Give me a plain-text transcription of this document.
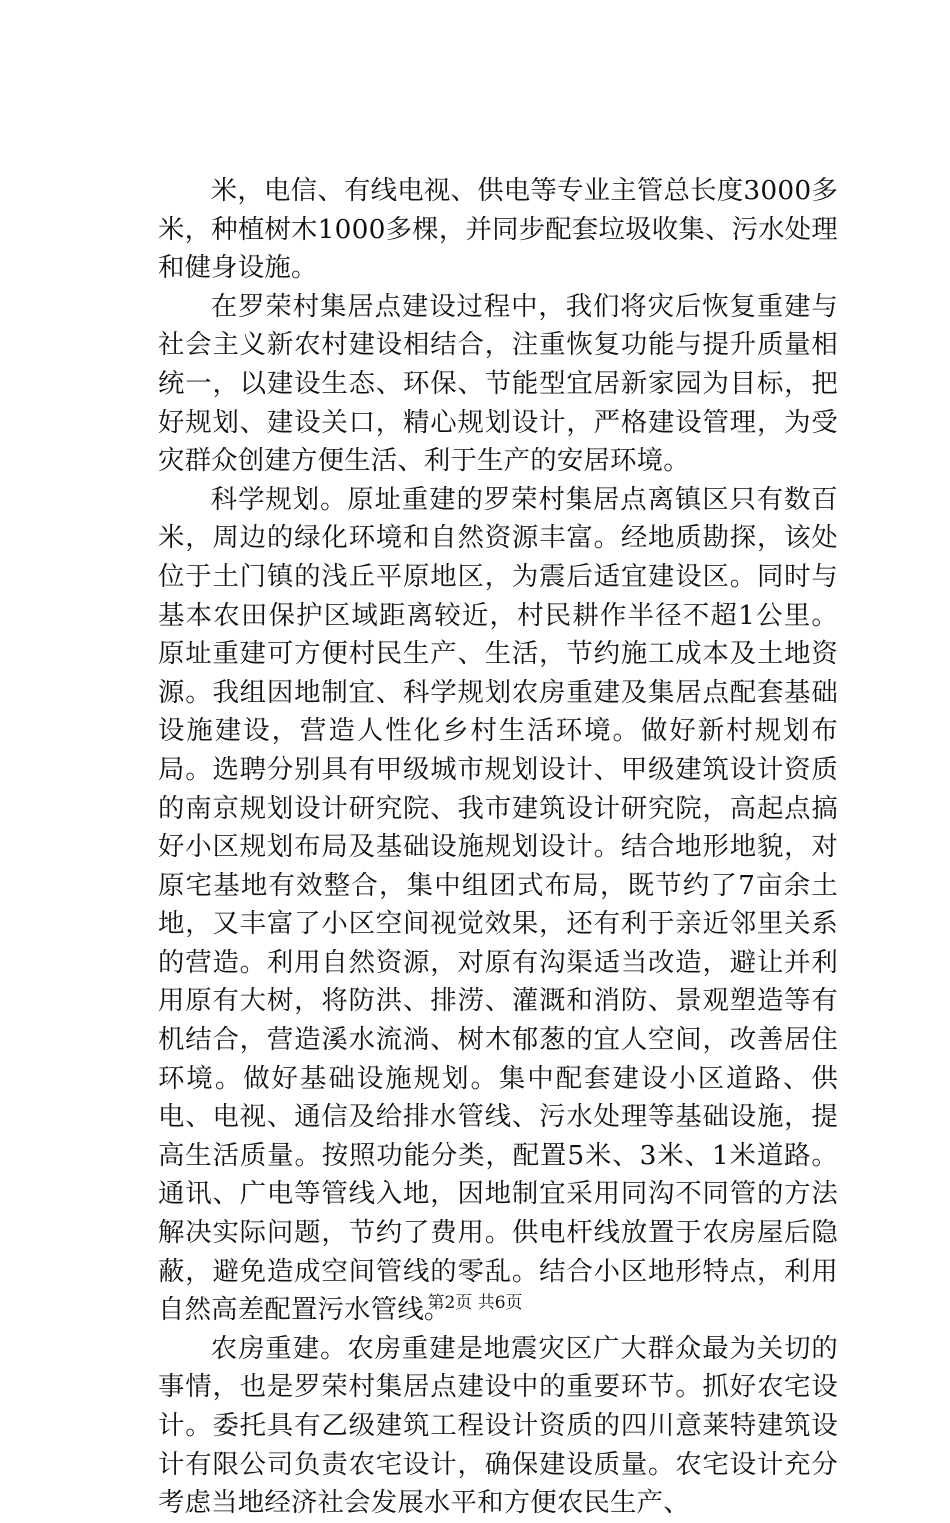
米，电信、有线电视、供电等专业主管总长度3000多米，种植树木1000多棵，并同步配套垃圾收集、污水处理和健身设施。

在罗荣村集居点建设过程中，我们将灾后恢复重建与社会主义新农村建设相结合，注重恢复功能与提升质量相统一，以建设生态、环保、节能型宜居新家园为目标，把好规划、建设关口，精心规划设计，严格建设管理，为受灾群众创建方便生活、利于生产的安居环境。

科学规划。原址重建的罗荣村集居点离镇区只有数百米，周边的绿化环境和自然资源丰富。经地质勘探，该处位于土门镇的浅丘平原地区，为震后适宜建设区。同时与基本农田保护区域距离较近，村民耕作半径不超1公里。原址重建可方便村民生产、生活，节约施工成本及土地资源。我组因地制宜、科学规划农房重建及集居点配套基础设施建设，营造人性化乡村生活环境。做好新村规划布局。选聘分别具有甲级城市规划设计、甲级建筑设计资质的南京规划设计研究院、我市建筑设计研究院，高起点搞好小区规划布局及基础设施规划设计。结合地形地貌，对原宅基地有效整合，集中组团式布局，既节约了7亩余土地，又丰富了小区空间视觉效果，还有利于亲近邻里关系的营造。利用自然资源，对原有沟渠适当改造，避让并利用原有大树，将防洪、排涝、灌溉和消防、景观塑造等有机结合，营造溪水流淌、树木郁葱的宜人空间，改善居住环境。做好基础设施规划。集中配套建设小区道路、供电、电视、通信及给排水管线、污水处理等基础设施，提高生活质量。按照功能分类，配置5米、3米、1米道路。通讯、广电等管线入地，因地制宜采用同沟不同管的方法解决实际问题，节约了费用。供电杆线放置于农房屋后隐蔽，避免造成空间管线的零乱。结合小区地形特点，利用自然高差配置污水管线。

农房重建。农房重建是地震灾区广大群众最为关切的事情，也是罗荣村集居点建设中的重要环节。抓好农宅设计。委托具有乙级建筑工程设计资质的四川意莱特建筑设计有限公司负责农宅设计，确保建设质量。农宅设计充分考虑当地经济社会发展水平和方便农民生产、

第2页 共6页
